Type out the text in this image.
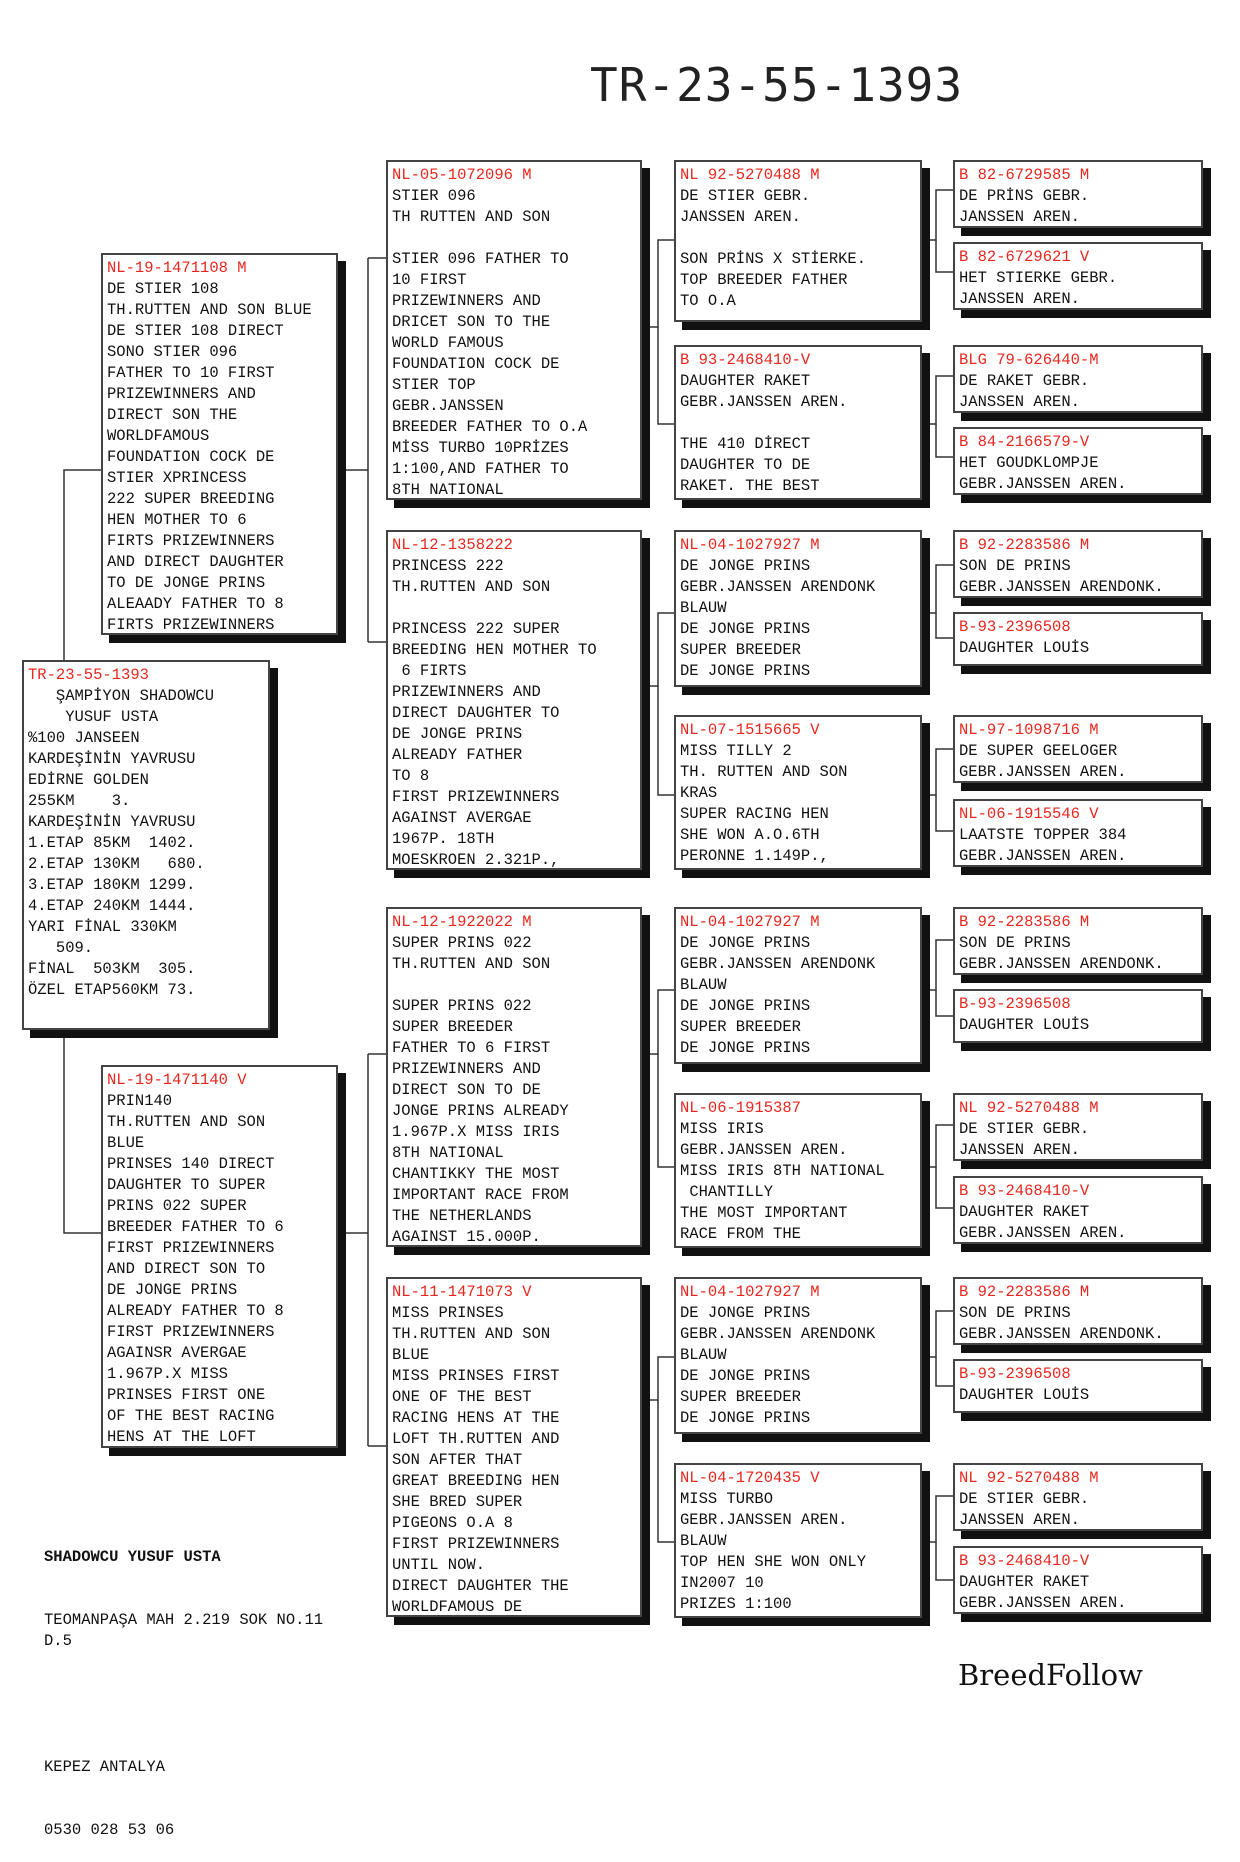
TR-23-55-1393
TR-23-55-1393
ŞAMPİYON SHADOWCU
YUSUF USTA
%100 JANSEEN
KARDEŞİNİN YAVRUSU
EDİRNE GOLDEN
255KM    3.
KARDEŞİNİN YAVRUSU
1.ETAP 85KM  1402.
2.ETAP 130KM   680.
3.ETAP 180KM 1299.
4.ETAP 240KM 1444.
YARI FİNAL 330KM
509.
FİNAL  503KM  305.
ÖZEL ETAP560KM 73.
NL-19-1471108 M
DE STIER 108
TH.RUTTEN AND SON BLUE
DE STIER 108 DIRECT
SONO STIER 096
FATHER TO 10 FIRST
PRIZEWINNERS AND
DIRECT SON THE
WORLDFAMOUS
FOUNDATION COCK DE
STIER XPRINCESS
222 SUPER BREEDING
HEN MOTHER TO 6
FIRTS PRIZEWINNERS
AND DIRECT DAUGHTER
TO DE JONGE PRINS
ALEAADY FATHER TO 8
FIRTS PRIZEWINNERS
NL-19-1471140 V
PRIN140
TH.RUTTEN AND SON
BLUE
PRINSES 140 DIRECT
DAUGHTER TO SUPER
PRINS 022 SUPER
BREEDER FATHER TO 6
FIRST PRIZEWINNERS
AND DIRECT SON TO
DE JONGE PRINS
ALREADY FATHER TO 8
FIRST PRIZEWINNERS
AGAINSR AVERGAE
1.967P.X MISS
PRINSES FIRST ONE
OF THE BEST RACING
HENS AT THE LOFT
NL-05-1072096 M
STIER 096
TH RUTTEN AND SON

STIER 096 FATHER TO
10 FIRST
PRIZEWINNERS AND
DRICET SON TO THE
WORLD FAMOUS
FOUNDATION COCK DE
STIER TOP
GEBR.JANSSEN
BREEDER FATHER TO O.A
MİSS TURBO 10PRİZES
1:100,AND FATHER TO
8TH NATIONAL
NL-12-1358222
PRINCESS 222
TH.RUTTEN AND SON

PRINCESS 222 SUPER
BREEDING HEN MOTHER TO
6 FIRTS
PRIZEWINNERS AND
DIRECT DAUGHTER TO
DE JONGE PRINS
ALREADY FATHER
TO 8
FIRST PRIZEWINNERS
AGAINST AVERGAE
1967P. 18TH
MOESKROEN 2.321P.,
NL-12-1922022 M
SUPER PRINS 022
TH.RUTTEN AND SON

SUPER PRINS 022
SUPER BREEDER
FATHER TO 6 FIRST
PRIZEWINNERS AND
DIRECT SON TO DE
JONGE PRINS ALREADY
1.967P.X MISS IRIS
8TH NATIONAL
CHANTIKKY THE MOST
IMPORTANT RACE FROM
THE NETHERLANDS
AGAINST 15.000P.
NL-11-1471073 V
MISS PRINSES
TH.RUTTEN AND SON
BLUE
MISS PRINSES FIRST
ONE OF THE BEST
RACING HENS AT THE
LOFT TH.RUTTEN AND
SON AFTER THAT
GREAT BREEDING HEN
SHE BRED SUPER
PIGEONS O.A 8
FIRST PRIZEWINNERS
UNTIL NOW.
DIRECT DAUGHTER THE
WORLDFAMOUS DE
NL 92-5270488 M
DE STIER GEBR.
JANSSEN AREN.

SON PRİNS X STİERKE.
TOP BREEDER FATHER
TO O.A
B 93-2468410-V
DAUGHTER RAKET
GEBR.JANSSEN AREN.

THE 410 DİRECT
DAUGHTER TO DE
RAKET. THE BEST
NL-04-1027927 M
DE JONGE PRINS
GEBR.JANSSEN ARENDONK
BLAUW
DE JONGE PRINS
SUPER BREEDER
DE JONGE PRINS
NL-07-1515665 V
MISS TILLY 2
TH. RUTTEN AND SON
KRAS
SUPER RACING HEN
SHE WON A.O.6TH
PERONNE 1.149P.,
NL-04-1027927 M
DE JONGE PRINS
GEBR.JANSSEN ARENDONK
BLAUW
DE JONGE PRINS
SUPER BREEDER
DE JONGE PRINS
NL-06-1915387
MISS IRIS
GEBR.JANSSEN AREN.
MISS IRIS 8TH NATIONAL
CHANTILLY
THE MOST IMPORTANT
RACE FROM THE
NL-04-1027927 M
DE JONGE PRINS
GEBR.JANSSEN ARENDONK
BLAUW
DE JONGE PRINS
SUPER BREEDER
DE JONGE PRINS
NL-04-1720435 V
MISS TURBO
GEBR.JANSSEN AREN.
BLAUW
TOP HEN SHE WON ONLY
IN2007 10
PRIZES 1:100
B 82-6729585 M
DE PRİNS GEBR.
JANSSEN AREN.
B 82-6729621 V
HET STIERKE GEBR.
JANSSEN AREN.
BLG 79-626440-M
DE RAKET GEBR.
JANSSEN AREN.
B 84-2166579-V
HET GOUDKLOMPJE
GEBR.JANSSEN AREN.
B 92-2283586 M
SON DE PRINS
GEBR.JANSSEN ARENDONK.
B-93-2396508
DAUGHTER LOUİS
NL-97-1098716 M
DE SUPER GEELOGER
GEBR.JANSSEN AREN.
NL-06-1915546 V
LAATSTE TOPPER 384
GEBR.JANSSEN AREN.
B 92-2283586 M
SON DE PRINS
GEBR.JANSSEN ARENDONK.
B-93-2396508
DAUGHTER LOUİS
NL 92-5270488 M
DE STIER GEBR.
JANSSEN AREN.
B 93-2468410-V
DAUGHTER RAKET
GEBR.JANSSEN AREN.
B 92-2283586 M
SON DE PRINS
GEBR.JANSSEN ARENDONK.
B-93-2396508
DAUGHTER LOUİS
NL 92-5270488 M
DE STIER GEBR.
JANSSEN AREN.
B 93-2468410-V
DAUGHTER RAKET
GEBR.JANSSEN AREN.

SHADOWCU YUSUF USTA

TEOMANPAŞA MAH 2.219 SOK NO.11
D.5

KEPEZ ANTALYA

0530 028 53 06

BreedFollow
